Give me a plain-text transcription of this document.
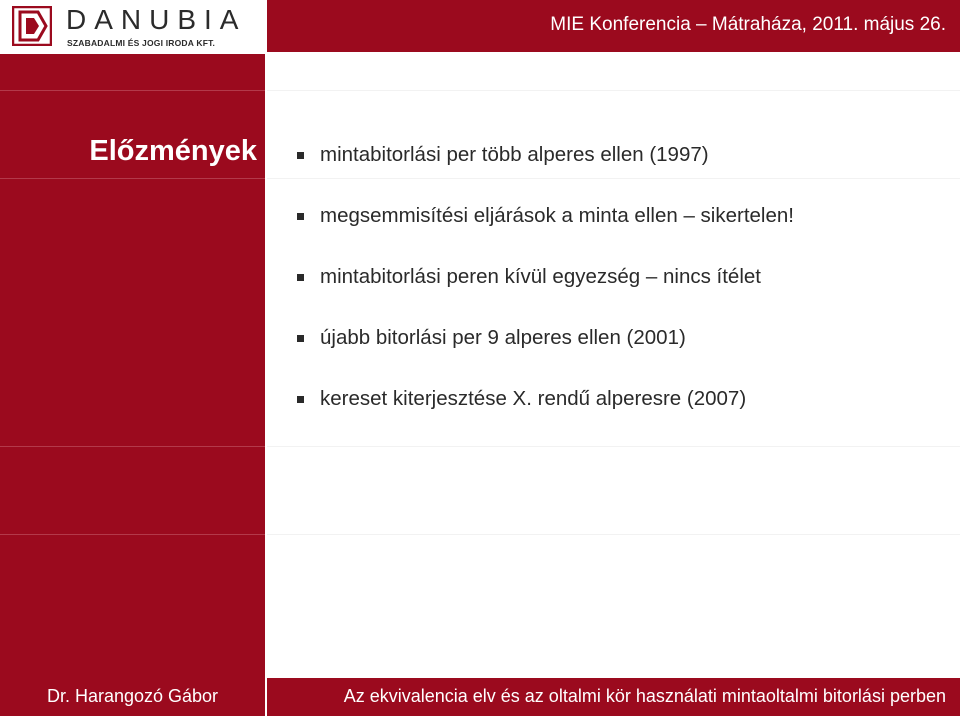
DANUBIA
SZABADALMI ÉS JOGI IRODA KFT.
MIE Konferencia – Mátraháza, 2011. május 26.
Előzmények	mintabitorlási per több alperes ellen (1997)
megsemmisítési eljárások a minta ellen – sikertelen!
mintabitorlási peren kívül egyezség – nincs ítélet
újabb bitorlási per 9 alperes ellen (2001)
kereset kiterjesztése X. rendű alperesre (2007)
Dr. Harangozó Gábor	Az ekvivalencia elv és az oltalmi kör használati mintaoltalmi bitorlási perben
